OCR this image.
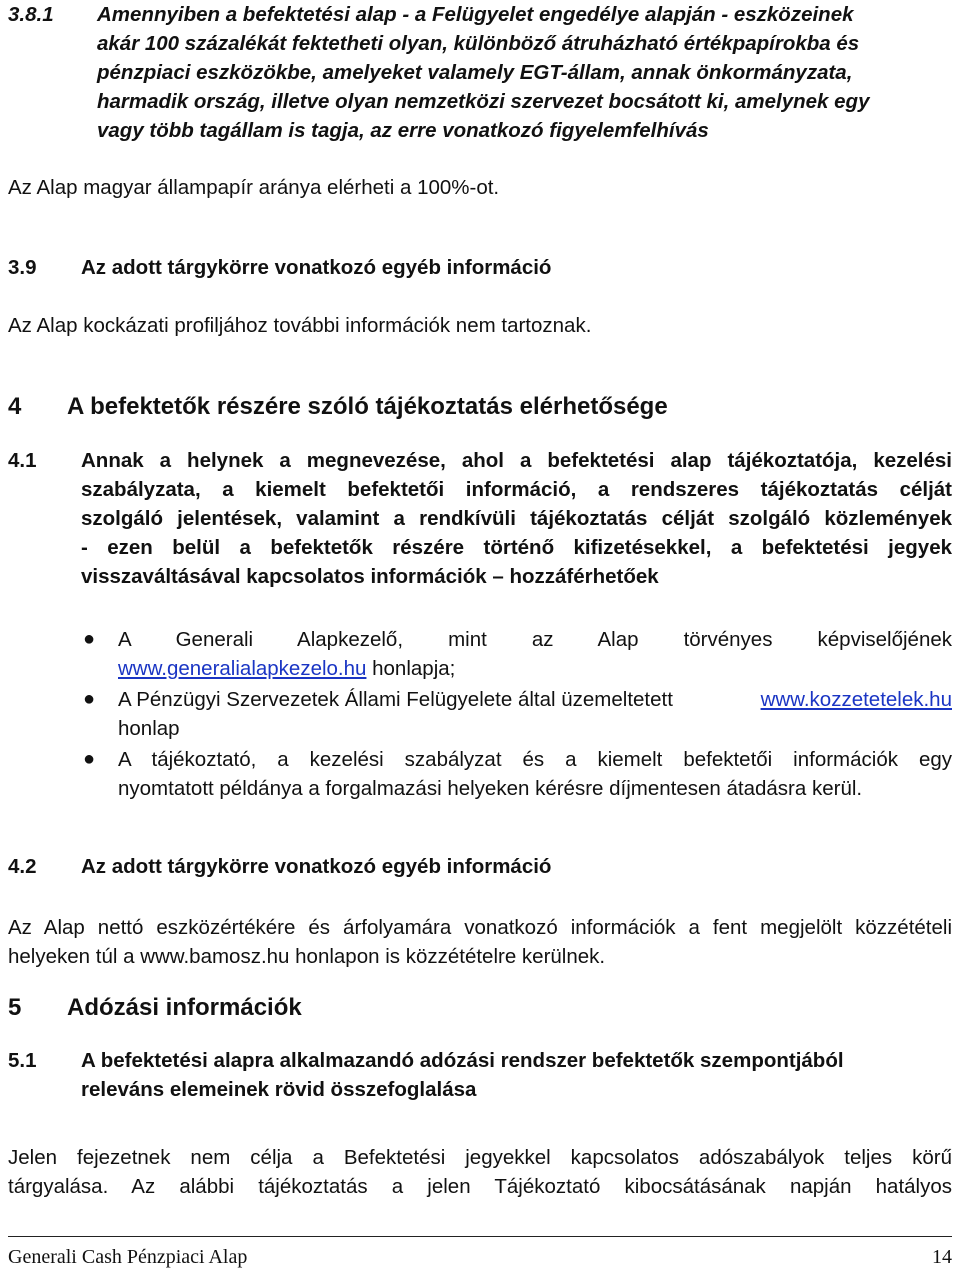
3.8.1 Amennyiben a befektetési alap - a Felügyelet engedélye alapján - eszközeinek
akár 100 százalékát fektetheti olyan, különböző átruházható értékpapírokba és
pénzpiaci eszközökbe, amelyeket valamely EGT-állam, annak önkormányzata,
harmadik ország, illetve olyan nemzetközi szervezet bocsátott ki, amelynek egy
vagy több tagállam is tagja, az erre vonatkozó figyelemfelhívás
Az Alap magyar állampapír aránya elérheti a 100%-ot.
3.9 Az adott tárgykörre vonatkozó egyéb információ
Az Alap kockázati profiljához további információk nem tartoznak.
4 A befektetők részére szóló tájékoztatás elérhetősége
4.1 Annak a helynek a megnevezése, ahol a befektetési alap tájékoztatója, kezelési
szabályzata, a kiemelt befektetői információ, a rendszeres tájékoztatás célját
szolgáló jelentések, valamint a rendkívüli tájékoztatás célját szolgáló közlemények
- ezen belül a befektetők részére történő kifizetésekkel, a befektetési jegyek
visszaváltásával kapcsolatos információk – hozzáférhetőek
● A Generali Alapkezelő, mint az Alap törvényes képviselőjének
www.generalialapkezelo.hu honlapja;
● A Pénzügyi Szervezetek Állami Felügyelete által üzemeltetett	www.kozzetetelek.hu
honlap
● A tájékoztató, a kezelési szabályzat és a kiemelt befektetői információk egy
nyomtatott példánya a forgalmazási helyeken kérésre díjmentesen átadásra kerül.
4.2 Az adott tárgykörre vonatkozó egyéb információ
Az Alap nettó eszközértékére és árfolyamára vonatkozó információk a fent megjelölt közzétételi
helyeken túl a www.bamosz.hu honlapon is közzétételre kerülnek.
5 Adózási információk
5.1 A befektetési alapra alkalmazandó adózási rendszer befektetők szempontjából
releváns elemeinek rövid összefoglalása
Jelen fejezetnek nem célja a Befektetési jegyekkel kapcsolatos adószabályok teljes körű
tárgyalása. Az alábbi tájékoztatás a jelen Tájékoztató kibocsátásának napján hatályos
Generali Cash Pénzpiaci Alap	14
